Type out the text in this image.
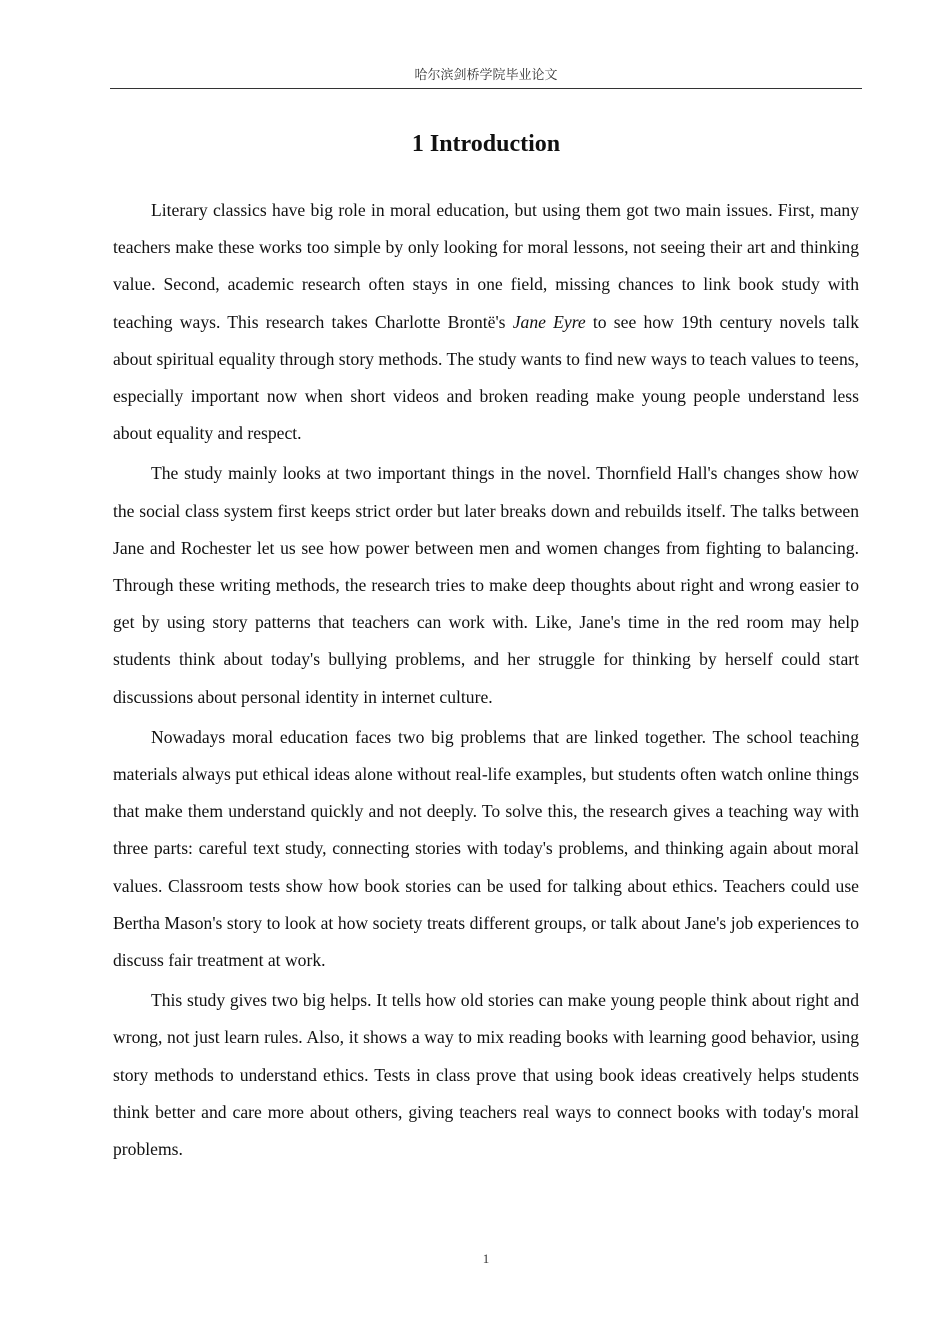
哈尔滨剑桥学院毕业论文
1 Introduction

Literary classics have big role in moral education, but using them got two main issues. First, many teachers make these works too simple by only looking for moral lessons, not seeing their art and thinking value. Second, academic research often stays in one field, missing chances to link book study with teaching ways. This research takes Charlotte Brontë's Jane Eyre to see how 19th century novels talk about spiritual equality through story methods. The study wants to find new ways to teach values to teens, especially important now when short videos and broken reading make young people understand less about equality and respect.

The study mainly looks at two important things in the novel. Thornfield Hall's changes show how the social class system first keeps strict order but later breaks down and rebuilds itself. The talks between Jane and Rochester let us see how power between men and women changes from fighting to balancing. Through these writing methods, the research tries to make deep thoughts about right and wrong easier to get by using story patterns that teachers can work with. Like, Jane's time in the red room may help students think about today's bullying problems, and her struggle for thinking by herself could start discussions about personal identity in internet culture.

Nowadays moral education faces two big problems that are linked together. The school teaching materials always put ethical ideas alone without real-life examples, but students often watch online things that make them understand quickly and not deeply. To solve this, the research gives a teaching way with three parts: careful text study, connecting stories with today's problems, and thinking again about moral values. Classroom tests show how book stories can be used for talking about ethics. Teachers could use Bertha Mason's story to look at how society treats different groups, or talk about Jane's job experiences to discuss fair treatment at work.

This study gives two big helps. It tells how old stories can make young people think about right and wrong, not just learn rules. Also, it shows a way to mix reading books with learning good behavior, using story methods to understand ethics. Tests in class prove that using book ideas creatively helps students think better and care more about others, giving teachers real ways to connect books with today's moral problems.

1
